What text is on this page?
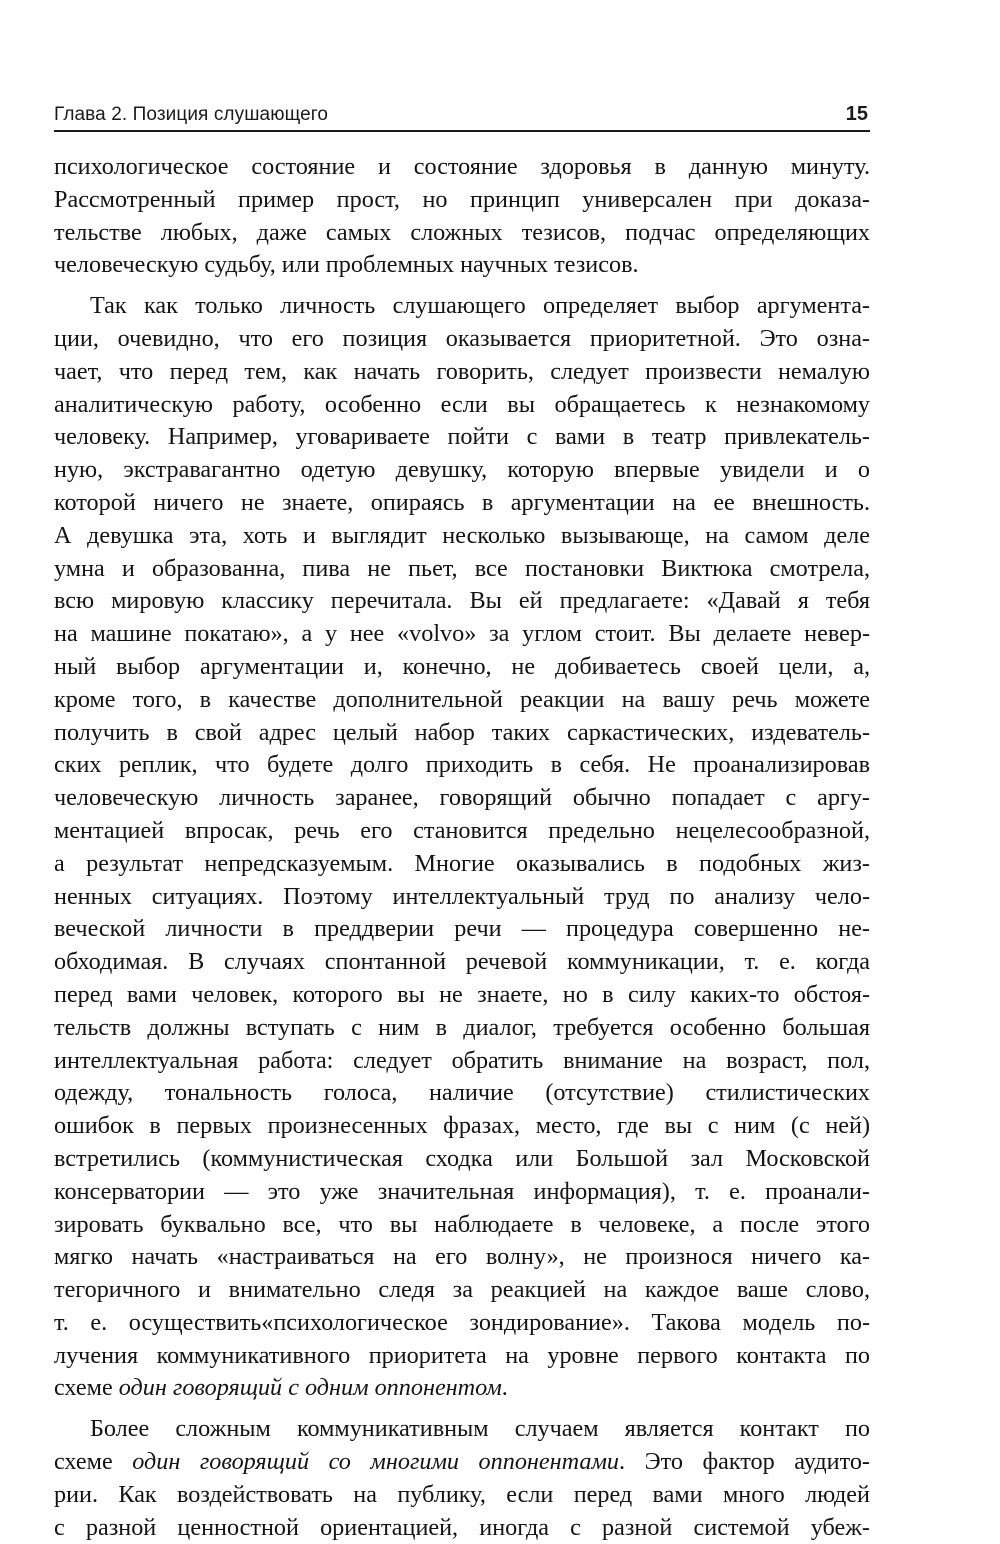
Глава 2. Позиция слушающего	15
психологическое состояние и состояние здоровья в данную минуту.
Рассмотренный пример прост, но принцип универсален при доказа-
тельстве любых, даже самых сложных тезисов, подчас определяющих
человеческую судьбу, или проблемных научных тезисов.
Так как только личность слушающего определяет выбор аргумента-
ции, очевидно, что его позиция оказывается приоритетной. Это озна-
чает, что перед тем, как начать говорить, следует произвести немалую
аналитическую работу, особенно если вы обращаетесь к незнакомому
человеку. Например, уговариваете пойти с вами в театр привлекатель-
ную, экстравагантно одетую девушку, которую впервые увидели и о
которой ничего не знаете, опираясь в аргументации на ее внешность.
А девушка эта, хоть и выглядит несколько вызывающе, на самом деле
умна и образованна, пива не пьет, все постановки Виктюка смотрела,
всю мировую классику перечитала. Вы ей предлагаете: «Давай я тебя
на машине покатаю», а у нее «volvo» за углом стоит. Вы делаете невер-
ный выбор аргументации и, конечно, не добиваетесь своей цели, а,
кроме того, в качестве дополнительной реакции на вашу речь можете
получить в свой адрес целый набор таких саркастических, издеватель-
ских реплик, что будете долго приходить в себя. Не проанализировав
человеческую личность заранее, говорящий обычно попадает с аргу-
ментацией впросак, речь его становится предельно нецелесообразной,
а результат непредсказуемым. Многие оказывались в подобных жиз-
ненных ситуациях. Поэтому интеллектуальный труд по анализу чело-
веческой личности в преддверии речи — процедура совершенно не-
обходимая. В случаях спонтанной речевой коммуникации, т. е. когда
перед вами человек, которого вы не знаете, но в силу каких-то обстоя-
тельств должны вступать с ним в диалог, требуется особенно большая
интеллектуальная работа: следует обратить внимание на возраст, пол,
одежду, тональность голоса, наличие (отсутствие) стилистических
ошибок в первых произнесенных фразах, место, где вы с ним (с ней)
встретились (коммунистическая сходка или Большой зал Московской
консерватории — это уже значительная информация), т. е. проанали-
зировать буквально все, что вы наблюдаете в человеке, а после этого
мягко начать «настраиваться на его волну», не произнося ничего ка-
тегоричного и внимательно следя за реакцией на каждое ваше слово,
т. е. осуществить«психологическое зондирование». Такова модель по-
лучения коммуникативного приоритета на уровне первого контакта по
схеме один говорящий с одним оппонентом.
Более сложным коммуникативным случаем является контакт по
схеме один говорящий со многими оппонентами. Это фактор аудито-
рии. Как воздействовать на публику, если перед вами много людей
с разной ценностной ориентацией, иногда с разной системой убеж-
